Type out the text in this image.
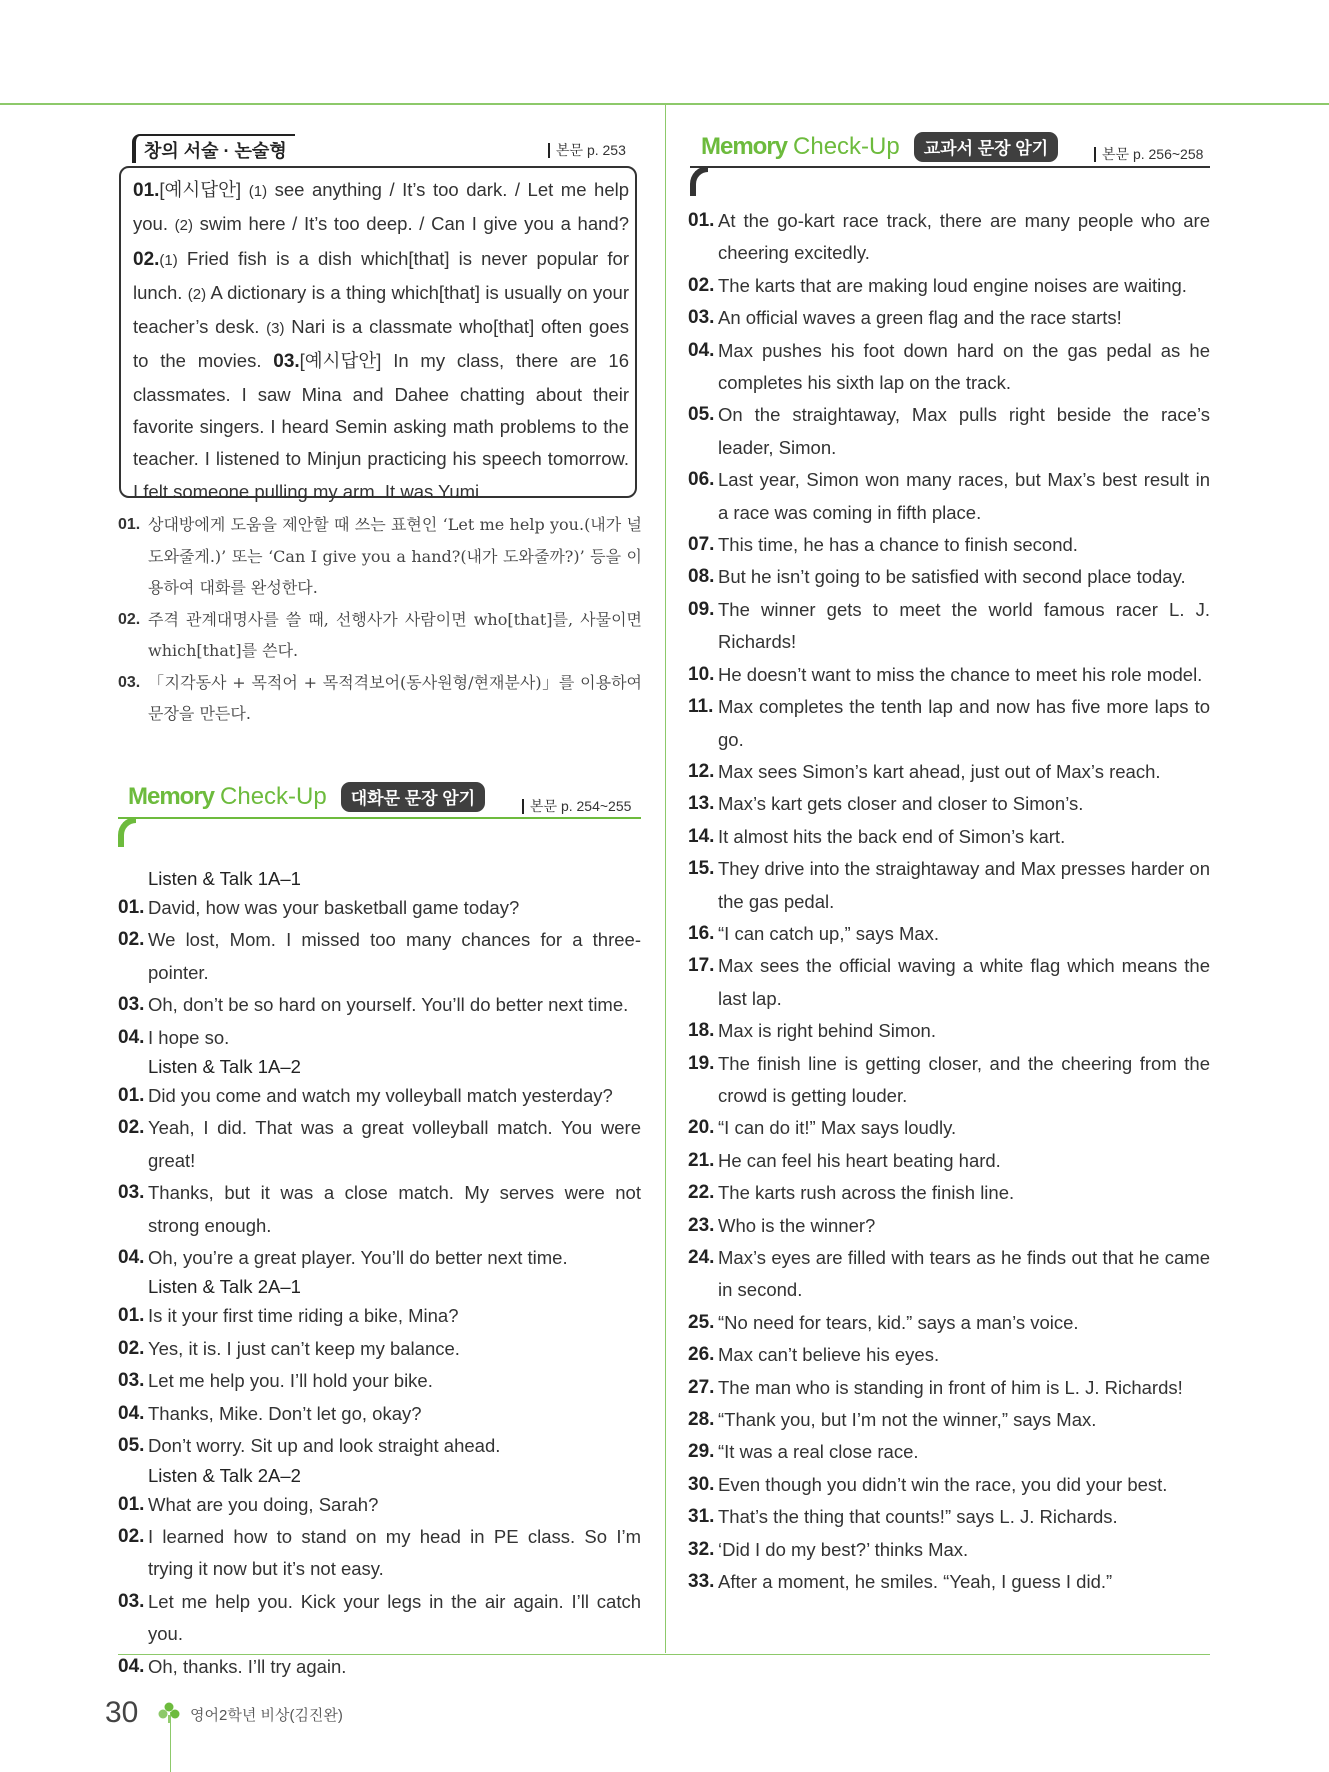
창의 서술 · 논술형	본문 p. 253

01.[예시답안] (1) see anything / It’s too dark. / Let me help you. (2) swim here / It’s too deep. / Can I give you a hand? 02.(1) Fried fish is a dish which[that] is never popular for lunch. (2) A dictionary is a thing which[that] is usually on your teacher’s desk. (3) Nari is a classmate who[that] often goes to the movies. 03.[예시답안] In my class, there are 16 classmates. I saw Mina and Dahee chatting about their favorite singers. I heard Semin asking math problems to the teacher. I listened to Minjun practicing his speech tomorrow. I felt someone pulling my arm. It was Yumi.

01. 상대방에게 도움을 제안할 때 쓰는 표현인 ‘Let me help you.(내가 널 도와줄게.)’ 또는 ‘Can I give you a hand?(내가 도와줄까?)’ 등을 이용하여 대화를 완성한다.
02. 주격 관계대명사를 쓸 때, 선행사가 사람이면 who[that]를, 사물이면 which[that]를 쓴다.
03. 「지각동사 + 목적어 + 목적격보어(동사원형/현재분사)」를 이용하여 문장을 만든다.
Memory Check-Up	대화문 문장 암기	본문 p. 254~255
Listen & Talk 1A–1
01. David, how was your basketball game today?
02. We lost, Mom. I missed too many chances for a three-pointer.
03. Oh, don’t be so hard on yourself. You’ll do better next time.
04. I hope so.
Listen & Talk 1A–2
01. Did you come and watch my volleyball match yesterday?
02. Yeah, I did. That was a great volleyball match. You were great!
03. Thanks, but it was a close match. My serves were not strong enough.
04. Oh, you’re a great player. You’ll do better next time.
Listen & Talk 2A–1
01. Is it your first time riding a bike, Mina?
02. Yes, it is. I just can’t keep my balance.
03. Let me help you. I’ll hold your bike.
04. Thanks, Mike. Don’t let go, okay?
05. Don’t worry. Sit up and look straight ahead.
Listen & Talk 2A–2
01. What are you doing, Sarah?
02. I learned how to stand on my head in PE class. So I’m trying it now but it’s not easy.
03. Let me help you. Kick your legs in the air again. I’ll catch you.
04. Oh, thanks. I’ll try again.
Memory Check-Up	교과서 문장 암기	본문 p. 256~258
01. At the go-kart race track, there are many people who are cheering excitedly.
02. The karts that are making loud engine noises are waiting.
03. An official waves a green flag and the race starts!
04. Max pushes his foot down hard on the gas pedal as he completes his sixth lap on the track.
05. On the straightaway, Max pulls right beside the race’s leader, Simon.
06. Last year, Simon won many races, but Max’s best result in a race was coming in fifth place.
07. This time, he has a chance to finish second.
08. But he isn’t going to be satisfied with second place today.
09. The winner gets to meet the world famous racer L. J. Richards!
10. He doesn’t want to miss the chance to meet his role model.
11. Max completes the tenth lap and now has five more laps to go.
12. Max sees Simon’s kart ahead, just out of Max’s reach.
13. Max’s kart gets closer and closer to Simon’s.
14. It almost hits the back end of Simon’s kart.
15. They drive into the straightaway and Max presses harder on the gas pedal.
16. “I can catch up,” says Max.
17. Max sees the official waving a white flag which means the last lap.
18. Max is right behind Simon.
19. The finish line is getting closer, and the cheering from the crowd is getting louder.
20. “I can do it!” Max says loudly.
21. He can feel his heart beating hard.
22. The karts rush across the finish line.
23. Who is the winner?
24. Max’s eyes are filled with tears as he finds out that he came in second.
25. “No need for tears, kid.” says a man’s voice.
26. Max can’t believe his eyes.
27. The man who is standing in front of him is L. J. Richards!
28. “Thank you, but I’m not the winner,” says Max.
29. “It was a real close race.
30. Even though you didn’t win the race, you did your best.
31. That’s the thing that counts!” says L. J. Richards.
32. ‘Did I do my best?’ thinks Max.
33. After a moment, he smiles. “Yeah, I guess I did.”
30	영어2학년 비상(김진완)
